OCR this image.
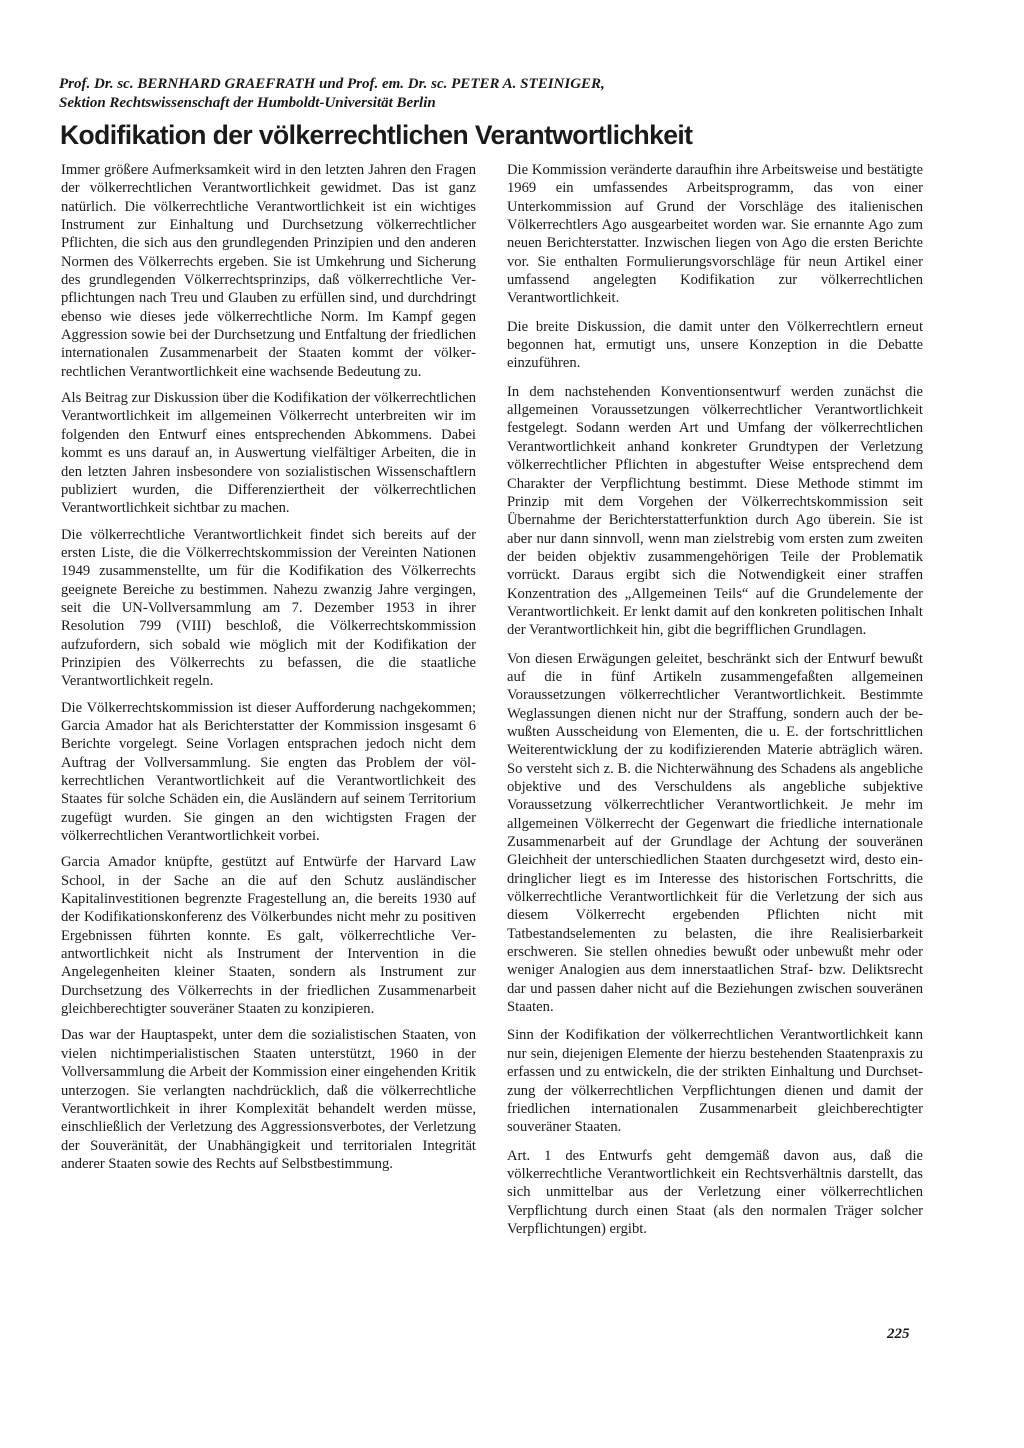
Prof. Dr. sc. BERNHARD GRAEFRATH und Prof. em. Dr. sc. PETER A. STEINIGER,
Sektion Rechtswissenschaft der Humboldt-Universität Berlin
Kodifikation der völkerrechtlichen Verantwortlichkeit

Immer größere Aufmerksamkeit wird in den letzten Jahren den Fragen der völkerrechtlichen Verantwortlichkeit gewidmet. Das ist ganz natürlich. Die völkerrechtliche Verantwortlichkeit ist ein wichtiges Instrument zur Einhaltung und Durchsetzung völkerrechtlicher Pflichten, die sich aus den grundlegenden Prinzipien und den anderen Normen des Völkerrechts ergeben. Sie ist Umkehrung und Sicherung des grundlegenden Völkerrechtsprinzips, daß völkerrechtliche Verpflichtungen nach Treu und Glauben zu erfüllen sind, und durchdringt ebenso wie dieses jede völkerrechtliche Norm. Im Kampf gegen Aggression sowie bei der Durchsetzung und Entfaltung der friedlichen internationalen Zusammenarbeit der Staaten kommt der völkerrechtlichen Verantwortlichkeit eine wachsende Bedeutung zu.

Als Beitrag zur Diskussion über die Kodifikation der völkerrechtlichen Verantwortlichkeit im allgemeinen Völkerrecht unterbreiten wir im folgenden den Entwurf eines entsprechenden Abkommens. Dabei kommt es uns darauf an, in Auswertung vielfältiger Arbeiten, die in den letzten Jahren insbesondere von sozialistischen Wissenschaftlern publiziert wurden, die Differenziertheit der völkerrechtlichen Verantwortlichkeit sichtbar zu machen.

Die völkerrechtliche Verantwortlichkeit findet sich bereits auf der ersten Liste, die die Völkerrechtskommission der Vereinten Nationen 1949 zusammenstellte, um für die Kodifikation des Völkerrechts geeignete Bereiche zu bestimmen. Nahezu zwanzig Jahre vergingen, seit die UN-Vollversammlung am 7. Dezember 1953 in ihrer Resolution 799 (VIII) beschloß, die Völkerrechtskommission aufzufordern, sich sobald wie möglich mit der Kodifikation der Prinzipien des Völkerrechts zu befassen, die die staatliche Verantwortlichkeit regeln.

Die Völkerrechtskommission ist dieser Aufforderung nachgekommen; Garcia Amador hat als Berichterstatter der Kommission insgesamt 6 Berichte vorgelegt. Seine Vorlagen entsprachen jedoch nicht dem Auftrag der Vollversammlung. Sie engten das Problem der völkerrechtlichen Verantwortlichkeit auf die Verantwortlichkeit des Staates für solche Schäden ein, die Ausländern auf seinem Territorium zugefügt wurden. Sie gingen an den wichtigsten Fragen der völkerrechtlichen Verantwortlichkeit vorbei.

Garcia Amador knüpfte, gestützt auf Entwürfe der Harvard Law School, in der Sache an die auf den Schutz ausländischer Kapitalinvestitionen begrenzte Fragestellung an, die bereits 1930 auf der Kodifikationskonferenz des Völkerbundes nicht mehr zu positiven Ergebnissen führten konnte. Es galt, völkerrechtliche Verantwortlichkeit nicht als Instrument der Intervention in die Angelegenheiten kleiner Staaten, sondern als Instrument zur Durchsetzung des Völkerrechts in der friedlichen Zusammenarbeit gleichberechtigter souveräner Staaten zu konzipieren.

Das war der Hauptaspekt, unter dem die sozialistischen Staaten, von vielen nichtimperialistischen Staaten unterstützt, 1960 in der Vollversammlung die Arbeit der Kommission einer eingehenden Kritik unterzogen. Sie verlangten nachdrücklich, daß die völkerrechtliche Verantwortlichkeit in ihrer Komplexität behandelt werden müsse, einschließlich der Verletzung des Aggressionsverbotes, der Verletzung der Souveränität, der Unabhängigkeit und territorialen Integrität anderer Staaten sowie des Rechts auf Selbstbestimmung.

Die Kommission veränderte daraufhin ihre Arbeitsweise und bestätigte 1969 ein umfassendes Arbeitsprogramm, das von einer Unterkommission auf Grund der Vorschläge des italienischen Völkerrechtlers Ago ausgearbeitet worden war. Sie ernannte Ago zum neuen Berichterstatter. Inzwischen liegen von Ago die ersten Berichte vor. Sie enthalten Formulierungsvorschläge für neun Artikel einer umfassend angelegten Kodifikation zur völkerrechtlichen Verantwortlichkeit.

Die breite Diskussion, die damit unter den Völkerrechtlern erneut begonnen hat, ermutigt uns, unsere Konzeption in die Debatte einzuführen.

In dem nachstehenden Konventionsentwurf werden zunächst die allgemeinen Voraussetzungen völkerrechtlicher Verantwortlichkeit festgelegt. Sodann werden Art und Umfang der völkerrechtlichen Verantwortlichkeit anhand konkreter Grundtypen der Verletzung völkerrechtlicher Pflichten in abgestufter Weise entsprechend dem Charakter der Verpflichtung bestimmt. Diese Methode stimmt im Prinzip mit dem Vorgehen der Völkerrechtskommission seit Übernahme der Berichterstatterfunktion durch Ago überein. Sie ist aber nur dann sinnvoll, wenn man zielstrebig vom ersten zum zweiten der beiden objektiv zusammengehörigen Teile der Problematik vorrückt. Daraus ergibt sich die Notwendigkeit einer straffen Konzentration des „Allgemeinen Teils“ auf die Grundelemente der Verantwortlichkeit. Er lenkt damit auf den konkreten politischen Inhalt der Verantwortlichkeit hin, gibt die begrifflichen Grundlagen.

Von diesen Erwägungen geleitet, beschränkt sich der Entwurf bewußt auf die in fünf Artikeln zusammengefaßten allgemeinen Voraussetzungen völkerrechtlicher Verantwortlichkeit. Bestimmte Weglassungen dienen nicht nur der Straffung, sondern auch der bewußten Ausscheidung von Elementen, die u. E. der fortschrittlichen Weiterentwicklung der zu kodifizierenden Materie abträglich wären. So versteht sich z. B. die Nichterwähnung des Schadens als angebliche objektive und des Verschuldens als angebliche subjektive Voraussetzung völkerrechtlicher Verantwortlichkeit. Je mehr im allgemeinen Völkerrecht der Gegenwart die friedliche internationale Zusammenarbeit auf der Grundlage der Achtung der souveränen Gleichheit der unterschiedlichen Staaten durchgesetzt wird, desto eindringlicher liegt es im Interesse des historischen Fortschritts, die völkerrechtliche Verantwortlichkeit für die Verletzung der sich aus diesem Völkerrecht ergebenden Pflichten nicht mit Tatbestandselementen zu belasten, die ihre Realisierbarkeit erschweren. Sie stellen ohnedies bewußt oder unbewußt mehr oder weniger Analogien aus dem innerstaatlichen Straf- bzw. Deliktsrecht dar und passen daher nicht auf die Beziehungen zwischen souveränen Staaten.

Sinn der Kodifikation der völkerrechtlichen Verantwortlichkeit kann nur sein, diejenigen Elemente der hierzu bestehenden Staatenpraxis zu erfassen und zu entwickeln, die der strikten Einhaltung und Durchsetzung der völkerrechtlichen Verpflichtungen dienen und damit der friedlichen internationalen Zusammenarbeit gleichberechtigter souveräner Staaten.

Art. 1 des Entwurfs geht demgemäß davon aus, daß die völkerrechtliche Verantwortlichkeit ein Rechtsverhältnis darstellt, das sich unmittelbar aus der Verletzung einer völkerrechtlichen Verpflichtung durch einen Staat (als den normalen Träger solcher Verpflichtungen) ergibt.

225
